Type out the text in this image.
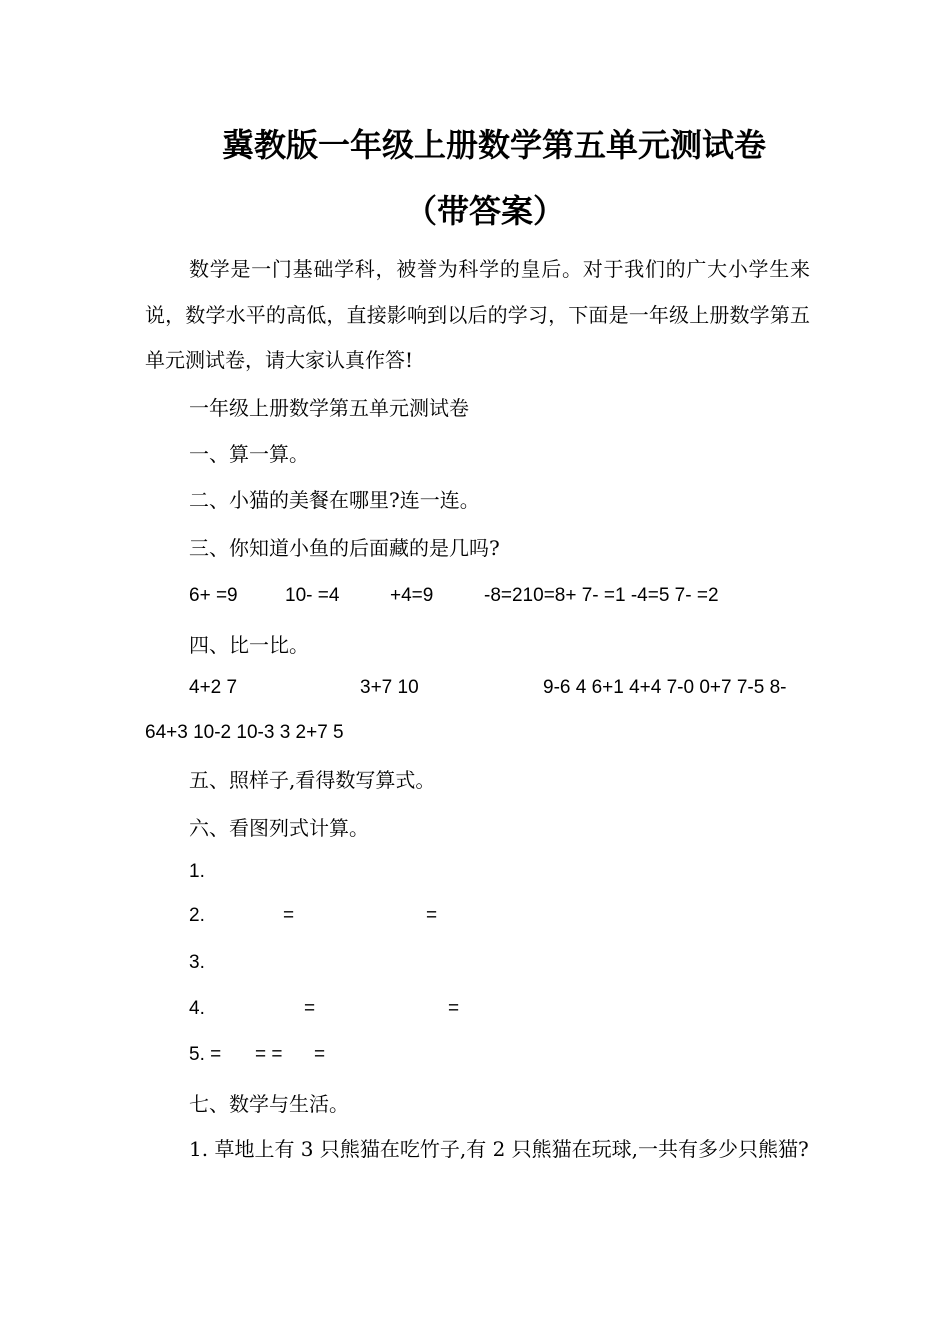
冀教版一年级上册数学第五单元测试卷
（带答案）
数学是一门基础学科，被誉为科学的皇后。对于我们的广大小学生来说，数学水平的高低，直接影响到以后的学习，下面是一年级上册数学第五单元测试卷，请大家认真作答!
一年级上册数学第五单元测试卷
一、算一算。
二、小猫的美餐在哪里?连一连。
三、你知道小鱼的后面藏的是几吗?
6+ =9 10- =4	+4=9	-8=210=8+ 7- =1 -4=5 7- =2
四、比一比。
4+2 7	3+7 10	9-6 4 6+1 4+4 7-0 0+7 7-5 8-
64+3 10-2 10-3 3 2+7 5
五、照样子,看得数写算式。
六、看图列式计算。
1.
2.	=	=
3.
4.	=	=
5. = = = =
七、数学与生活。
1. 草地上有 3 只熊猫在吃竹子,有 2 只熊猫在玩球,一共有多少只熊猫?
